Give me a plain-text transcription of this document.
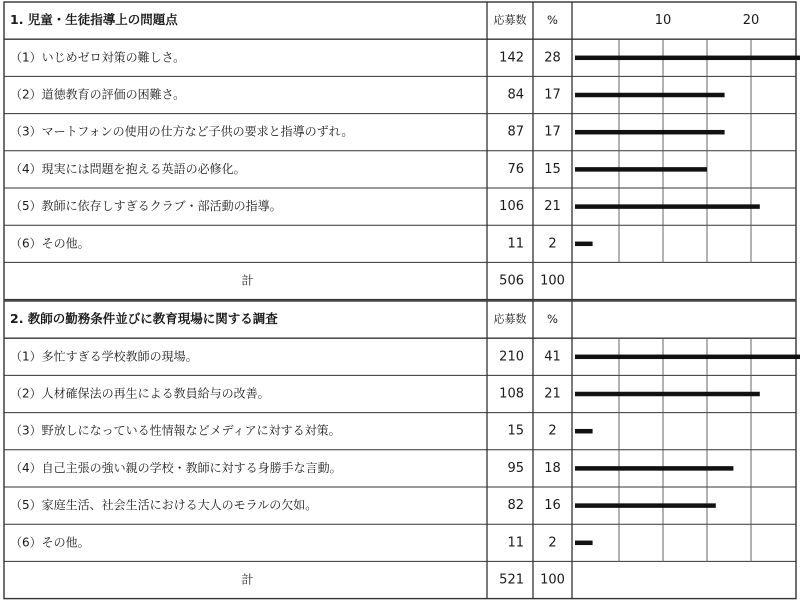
1. 児童・生徒指導上の問題点	応募数 %	10	20
（1）いじめゼロ対策の難しさ。	142 28
（2）道徳教育の評価の困難さ。	84 17
（3）マートフォンの使用の仕方など子供の要求と指導のずれ。	87 17
（4）現実には問題を抱える英語の必修化。	76 15
（5）教師に依存しすぎるクラブ・部活動の指導。	106 21
（6）その他。	11 2
計	506 100
2. 教師の勤務条件並びに教育現場に関する調査	応募数 %
（1）多忙すぎる学校教師の現場。	210 41
（2）人材確保法の再生による教員給与の改善。	108 21
（3）野放しになっている性情報などメディアに対する対策。	15 2
（4）自己主張の強い親の学校・教師に対する身勝手な言動。	95 18
（5）家庭生活、社会生活における大人のモラルの欠如。	82 16
（6）その他。	11 2
計	521 100
